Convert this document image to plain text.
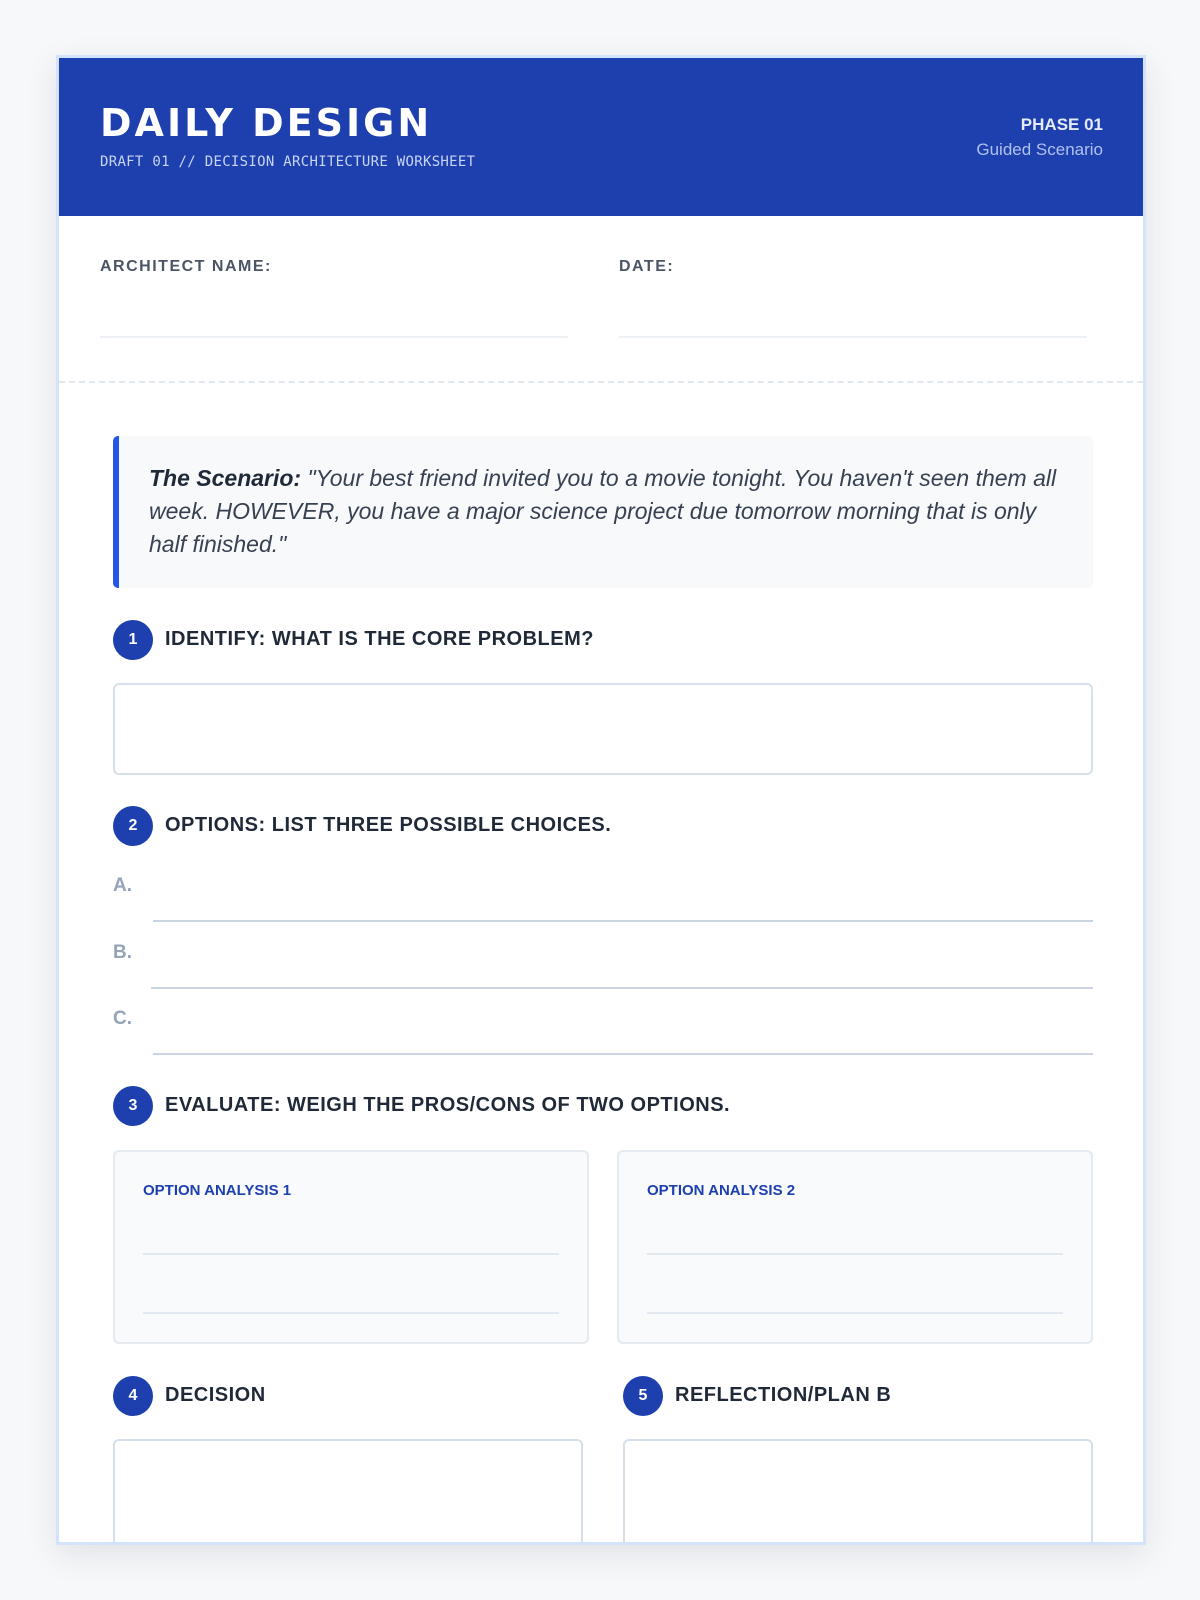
DAILY DESIGN
DRAFT 01 // DECISION ARCHITECTURE WORKSHEET
PHASE 01
Guided Scenario
ARCHITECT NAME:	DATE:
The Scenario: "Your best friend invited you to a movie tonight. You haven't seen them all week. HOWEVER, you have a major science project due tomorrow morning that is only half finished."
1	IDENTIFY: WHAT IS THE CORE PROBLEM?
2	OPTIONS: LIST THREE POSSIBLE CHOICES.
A.
B.
C.
3	EVALUATE: WEIGH THE PROS/CONS OF TWO OPTIONS.
OPTION ANALYSIS 1	OPTION ANALYSIS 2
4	DECISION	5	REFLECTION/PLAN B
